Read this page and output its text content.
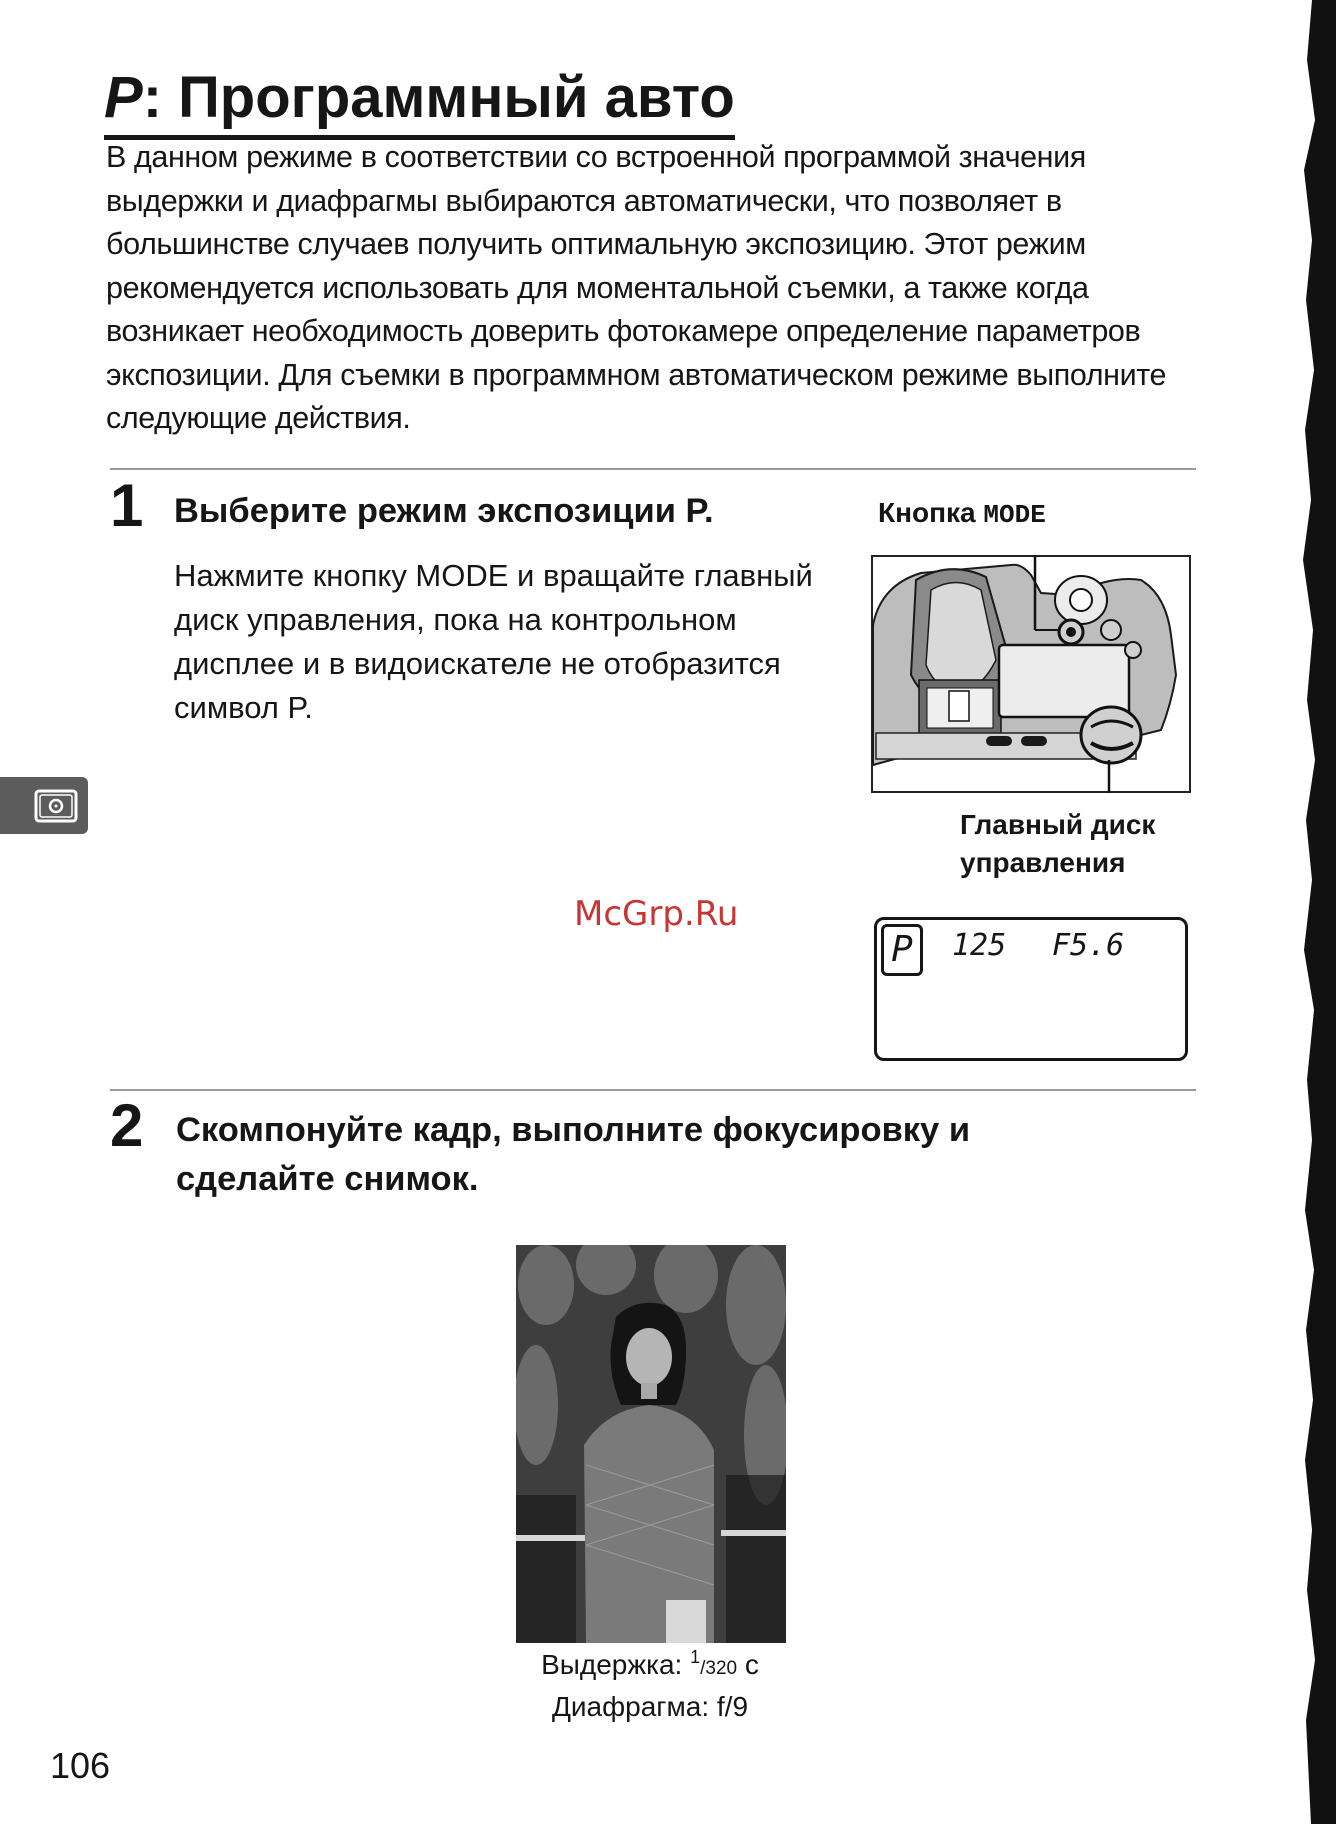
P: Программный авто

В данном режиме в соответствии со встроенной программой значения выдержки и диафрагмы выбираются автоматически, что позволяет в большинстве случаев получить оптимальную экспозицию. Этот режим рекомендуется использовать для моментальной съемки, а также когда возникает необходимость доверить фотокамере определение параметров экспозиции. Для съемки в программном автоматическом режиме выполните следующие действия.

1 Выберите режим экспозиции P.

Нажмите кнопку MODE и вращайте главный диск управления, пока на контрольном дисплее и в видоискателе не отобразится символ P.

Кнопка MODE
Главный диск
управления
P	125 F5.6
McGrp.Ru
2 Скомпонуйте кадр, выполните фокусировку и
сделайте снимок.
Выдержка: $^1$/320 с
Диафрагма: f/9
106
